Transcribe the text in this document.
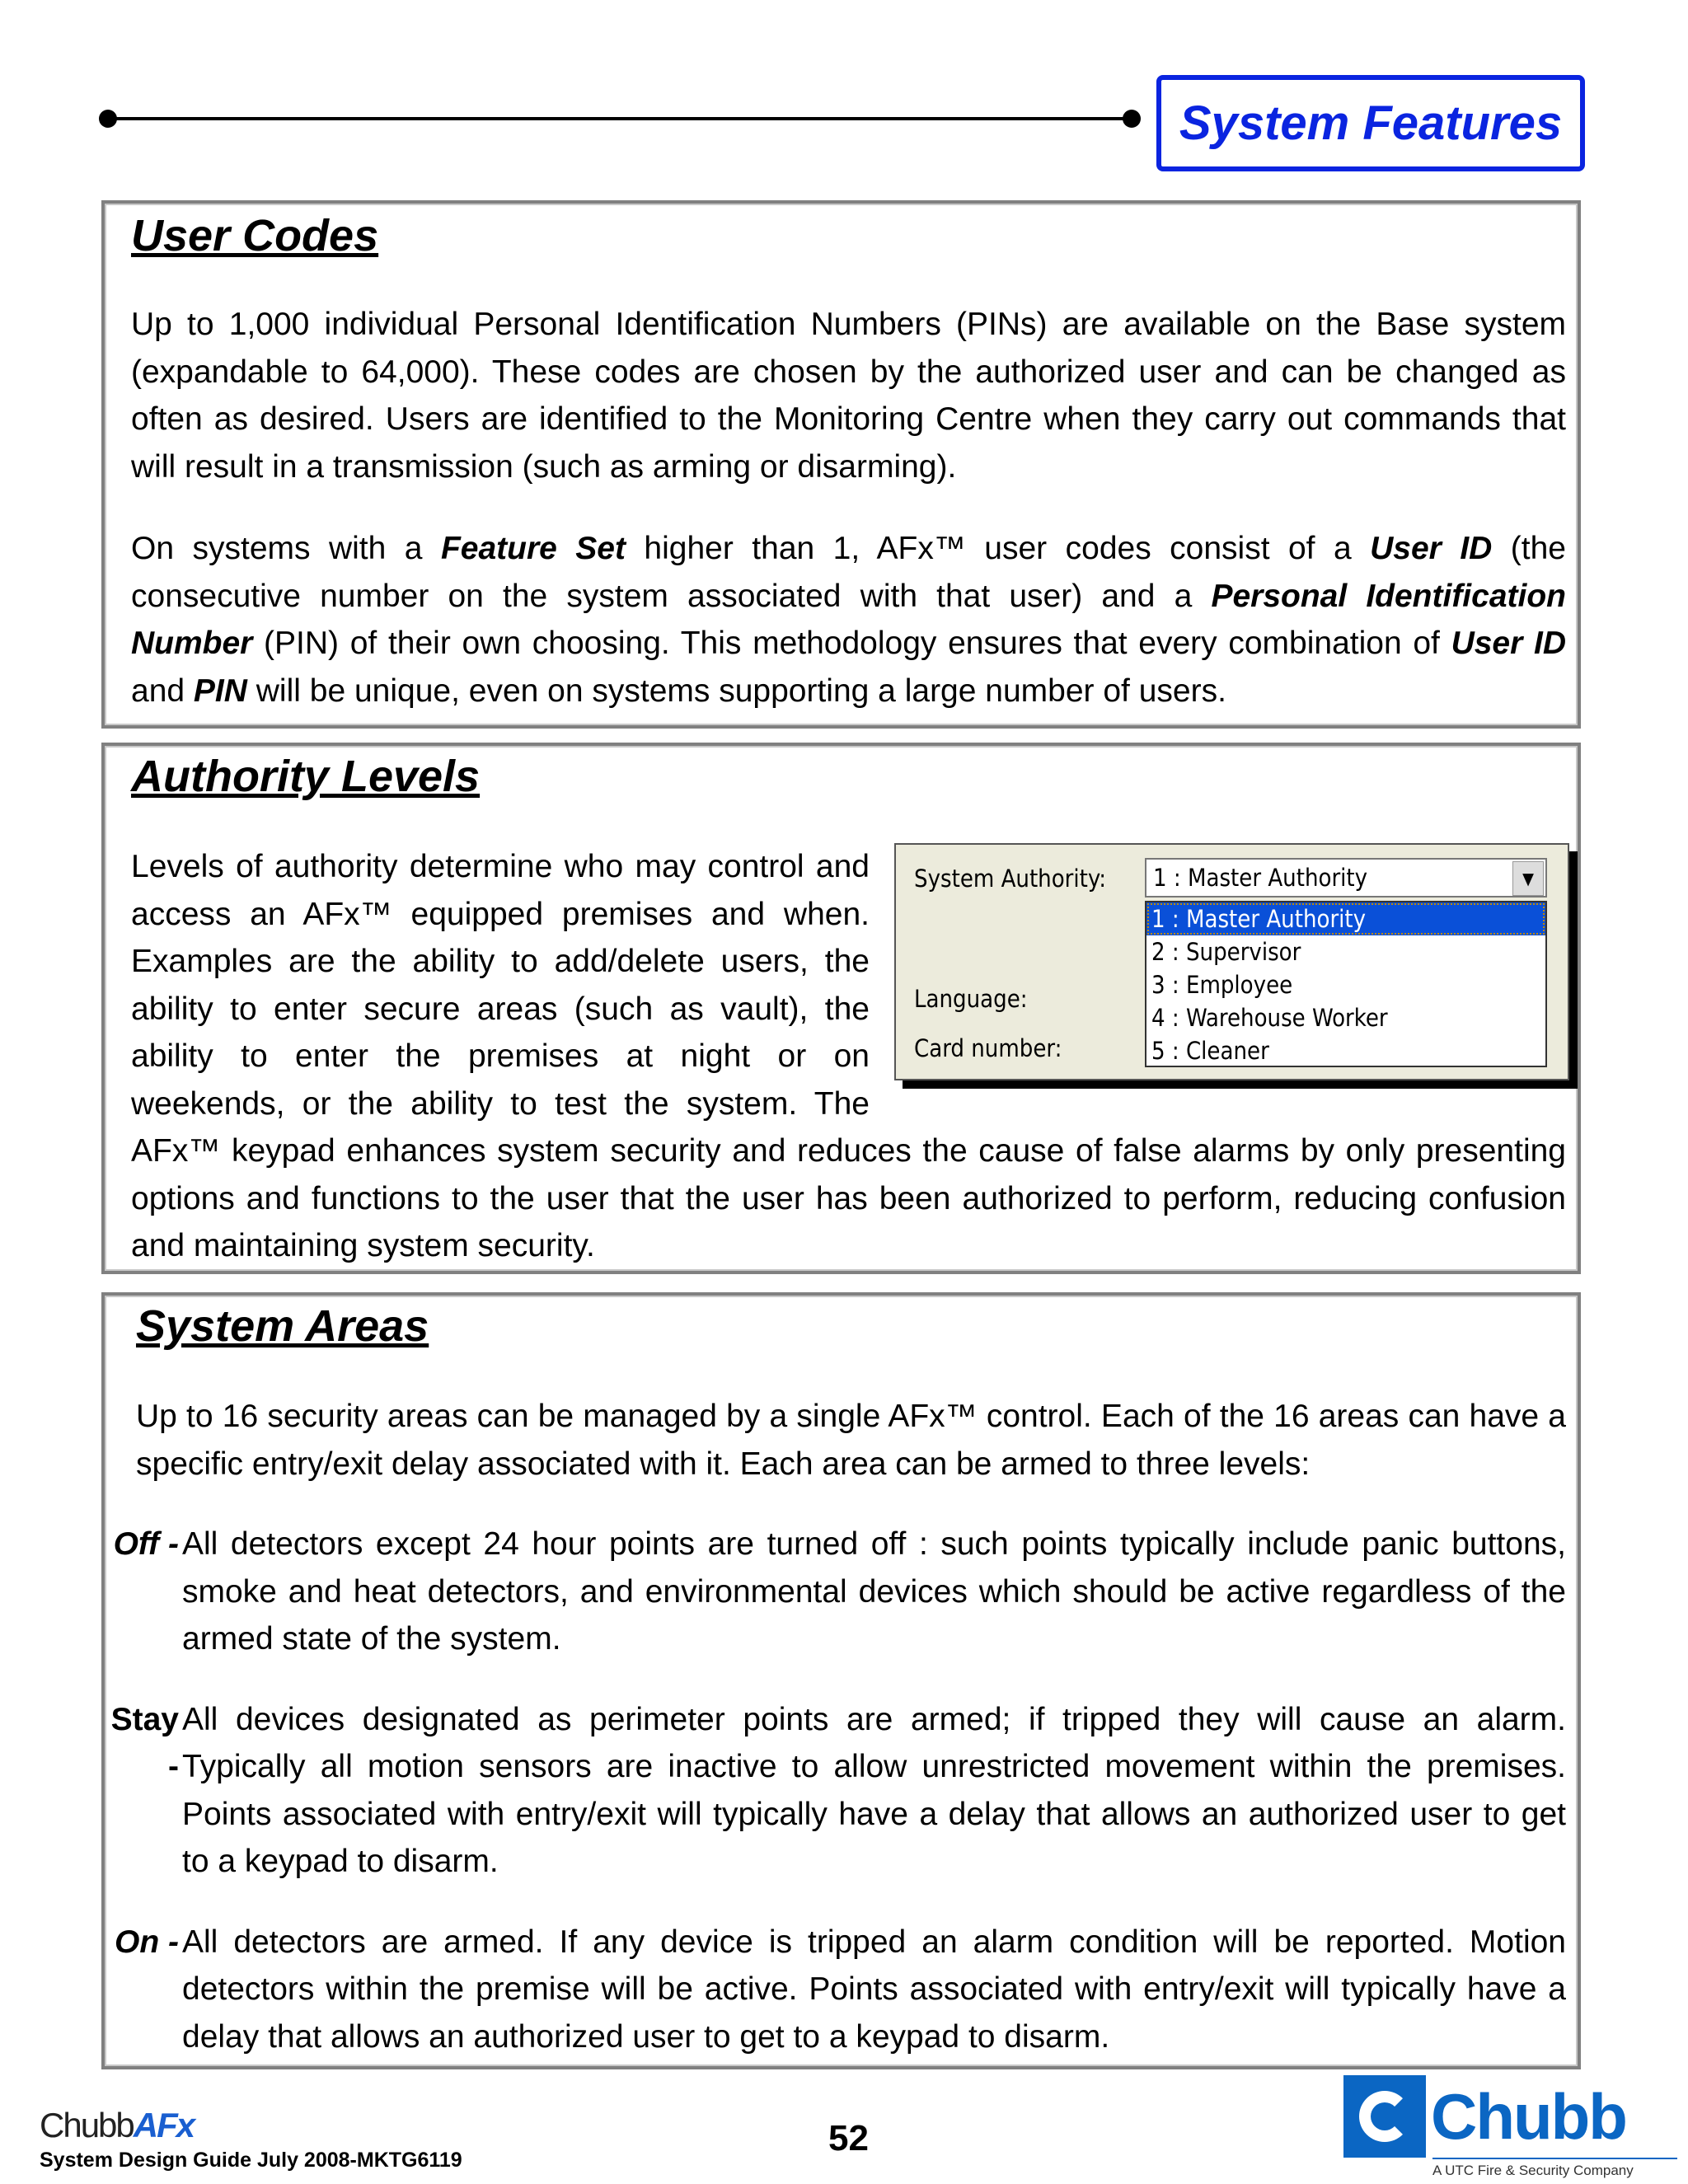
System Features
User Codes

Up to 1,000 individual Personal Identification Numbers (PINs) are available on the Base system (expandable to 64,000). These codes are chosen by the authorized user and can be changed as often as desired. Users are identified to the Monitoring Centre when they carry out commands that will result in a transmission (such as arming or disarming).

On systems with a Feature Set higher than 1, AFx™ user codes consist of a User ID (the consecutive number on the system associated with that user) and a Personal Identification Number (PIN) of their own choosing. This methodology ensures that every combination of User ID and PIN will be unique, even on systems supporting a large number of users.

Authority Levels
System Authority:
Language:
Card number:
1 : Master Authority	▼
1 : Master Authority
2 : Supervisor
3 : Employee
4 : Warehouse Worker
5 : Cleaner

Levels of authority determine who may control and access an AFx™ equipped premises and when. Examples are the ability to add/delete users, the ability to enter secure areas (such as vault), the ability to enter the premises at night or on weekends, or the ability to test the system. The AFx™ keypad enhances system security and reduces the cause of false alarms by only presenting options and functions to the user that the user has been authorized to perform, reducing confusion and maintaining system security.

System Areas

Up to 16 security areas can be managed by a single AFx™ control. Each of the 16 areas can have a specific entry/exit delay associated with it. Each area can be armed to three levels:

Off - All detectors except 24 hour points are turned off : such points typically include panic buttons, smoke and heat detectors, and environmental devices which should be active regardless of the armed state of the system.
Stay -
All devices designated as perimeter points are armed; if tripped they will cause an alarm. Typically all motion sensors are inactive to allow unrestricted movement within the premises. Points associated with entry/exit will typically have a delay that allows an authorized user to get to a keypad to disarm.
On - All detectors are armed. If any device is tripped an alarm condition will be reported. Motion detectors within the premise will be active. Points associated with entry/exit will typically have a delay that allows an authorized user to get to a keypad to disarm.
ChubbAFx
System Design Guide July 2008-MKTG6119
52	Chubb
A UTC Fire & Security Company
